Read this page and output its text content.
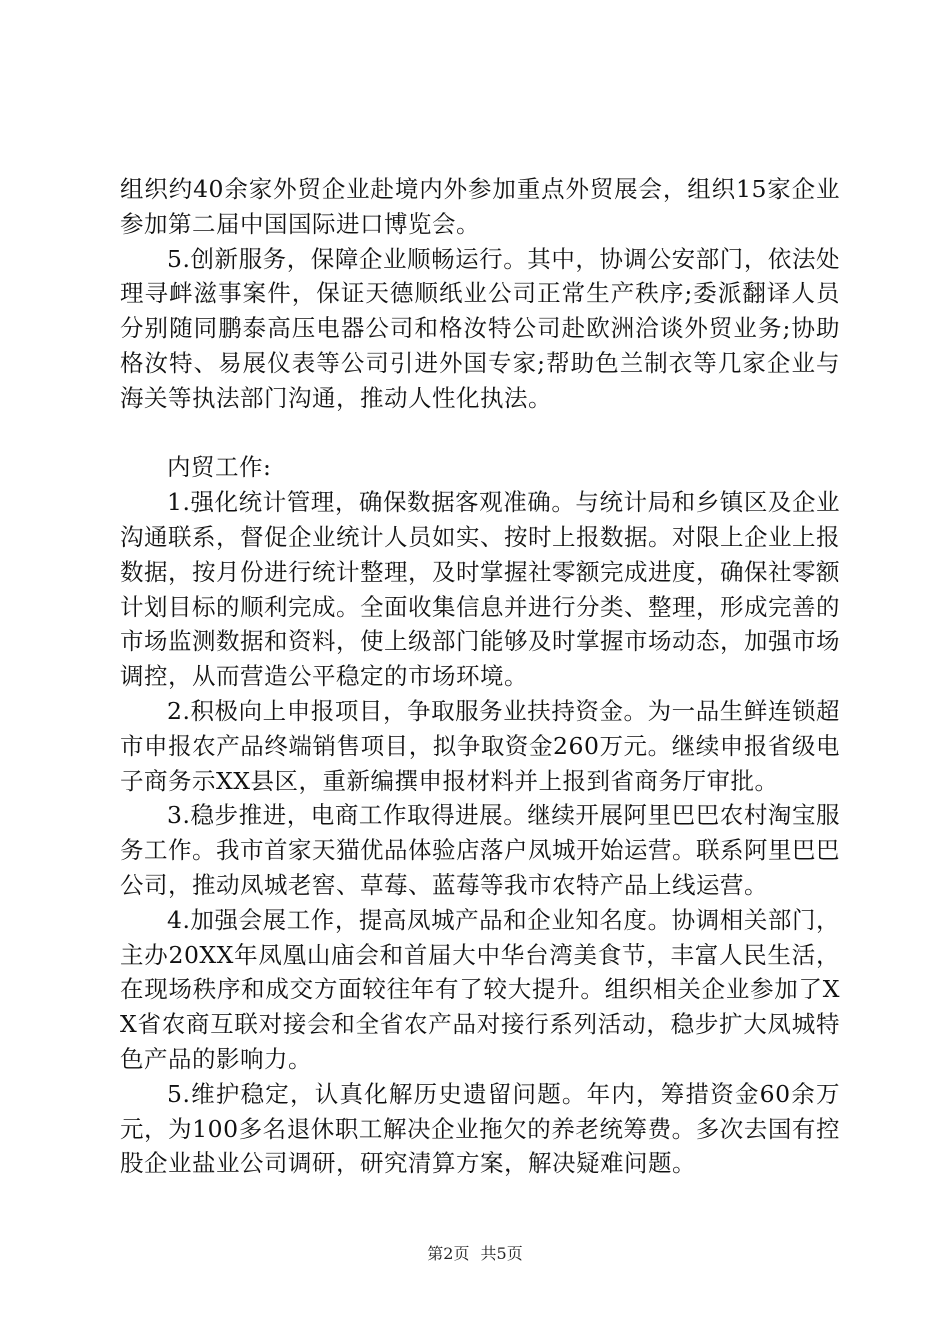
组织约40余家外贸企业赴境内外参加重点外贸展会，组织15家企业参加第二届中国国际进口博览会。

5.创新服务，保障企业顺畅运行。其中，协调公安部门，依法处理寻衅滋事案件，保证天德顺纸业公司正常生产秩序;委派翻译人员分别随同鹏泰高压电器公司和格汝特公司赴欧洲洽谈外贸业务;协助格汝特、易展仪表等公司引进外国专家;帮助色兰制衣等几家企业与海关等执法部门沟通，推动人性化执法。

内贸工作:

1.强化统计管理，确保数据客观准确。与统计局和乡镇区及企业沟通联系，督促企业统计人员如实、按时上报数据。对限上企业上报数据，按月份进行统计整理，及时掌握社零额完成进度，确保社零额计划目标的顺利完成。全面收集信息并进行分类、整理，形成完善的市场监测数据和资料，使上级部门能够及时掌握市场动态，加强市场调控，从而营造公平稳定的市场环境。

2.积极向上申报项目，争取服务业扶持资金。为一品生鲜连锁超市申报农产品终端销售项目，拟争取资金260万元。继续申报省级电子商务示XX县区，重新编撰申报材料并上报到省商务厅审批。

3.稳步推进，电商工作取得进展。继续开展阿里巴巴农村淘宝服务工作。我市首家天猫优品体验店落户凤城开始运营。联系阿里巴巴公司，推动凤城老窖、草莓、蓝莓等我市农特产品上线运营。

4.加强会展工作，提高凤城产品和企业知名度。协调相关部门，主办20XX年凤凰山庙会和首届大中华台湾美食节，丰富人民生活，在现场秩序和成交方面较往年有了较大提升。组织相关企业参加了XX省农商互联对接会和全省农产品对接行系列活动，稳步扩大凤城特色产品的影响力。

5.维护稳定，认真化解历史遗留问题。年内，筹措资金60余万元，为100多名退休职工解决企业拖欠的养老统筹费。多次去国有控股企业盐业公司调研，研究清算方案，解决疑难问题。

第2页 共5页
